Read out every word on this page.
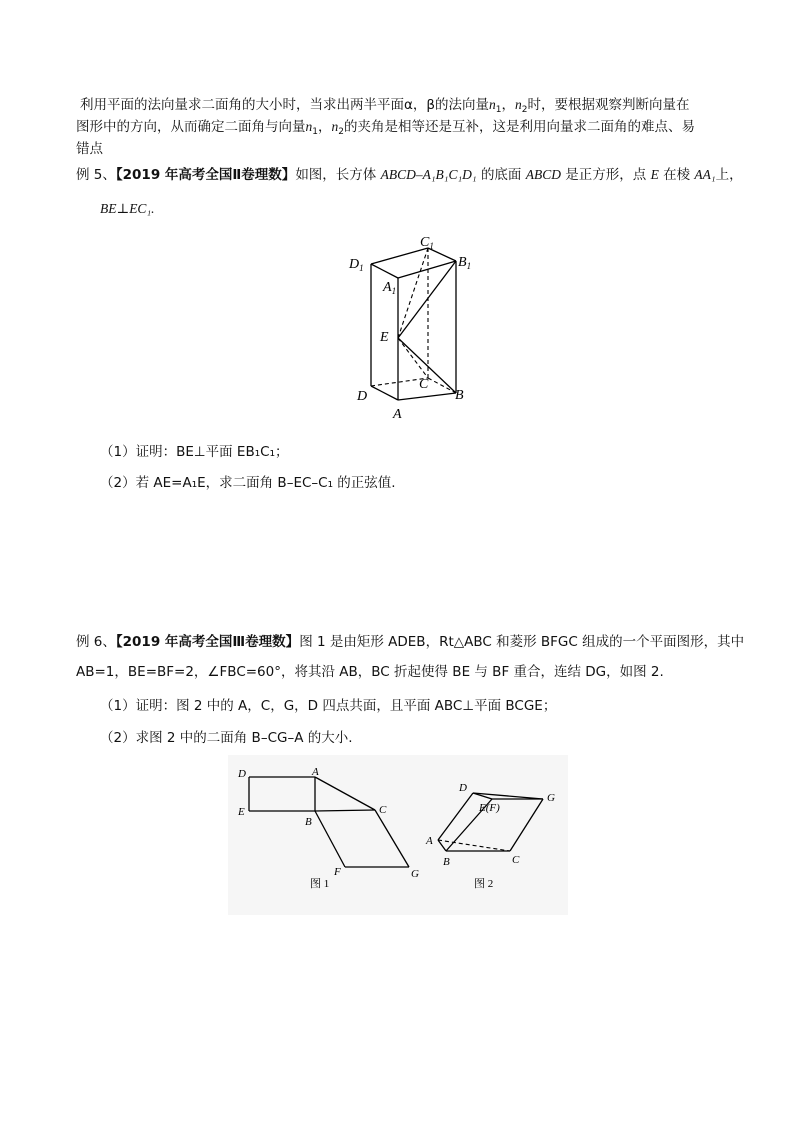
利用平面的法向量求二面角的大小时，当求出两半平面α，β的法向量$n_1$，$n_2$时，要根据观察判断向量在
图形中的方向，从而确定二面角与向量$n_1$，$n_2$的夹角是相等还是互补，这是利用向量求二面角的难点、易
错点
例 5、【2019 年高考全国Ⅱ卷理数】如图，长方体 ABCD–A₁B₁C₁D₁ 的底面 ABCD 是正方形，点 E 在棱 AA₁上，
BE⊥EC₁.
$D_1$
$C_1$
$B_1$
$A_1$
E
C
D	B
A
（1）证明：BE⊥平面 EB₁C₁；
（2）若 AE=A₁E，求二面角 B–EC–C₁ 的正弦值.
例 6、【2019 年高考全国Ⅲ卷理数】图 1 是由矩形 ADEB，Rt△ABC 和菱形 BFGC 组成的一个平面图形，其中
AB=1，BE=BF=2，∠FBC=60°，将其沿 AB，BC 折起使得 BE 与 BF 重合，连结 DG，如图 2.
（1）证明：图 2 中的 A，C，G，D 四点共面，且平面 ABC⊥平面 BCGE；
（2）求图 2 中的二面角 B–CG–A 的大小.
D	A
E
B
C
F	G
D
E(F)
G
A
B	C
图 1	图 2
